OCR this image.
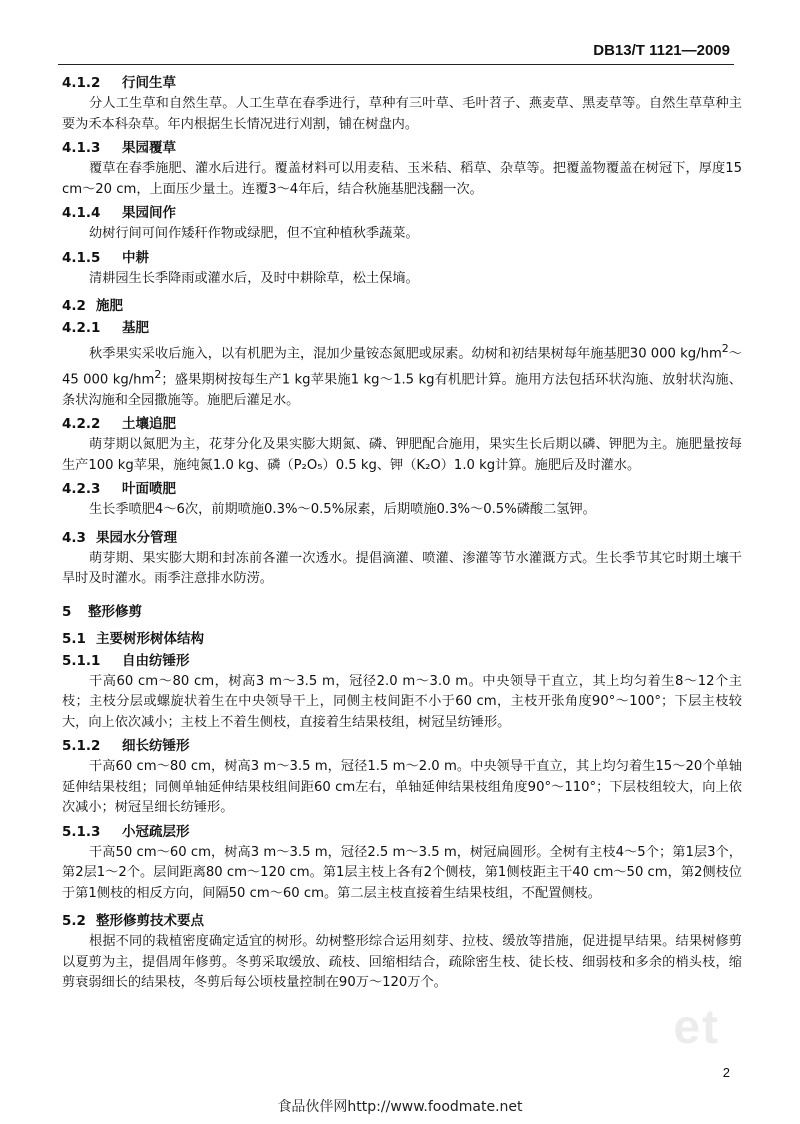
DB13/T 1121—2009
et
4.1.2 行间生草
分人工生草和自然生草。人工生草在春季进行，草种有三叶草、毛叶苕子、燕麦草、黑麦草等。自然生草草种主要为禾本科杂草。年内根据生长情况进行刈割，铺在树盘内。
4.1.3 果园覆草
覆草在春季施肥、灌水后进行。覆盖材料可以用麦秸、玉米秸、稻草、杂草等。把覆盖物覆盖在树冠下，厚度15 cm～20 cm，上面压少量土。连覆3～4年后，结合秋施基肥浅翻一次。
4.1.4 果园间作
幼树行间可间作矮秆作物或绿肥，但不宜种植秋季蔬菜。
4.1.5 中耕
清耕园生长季降雨或灌水后，及时中耕除草，松土保墒。
4.2 施肥
4.2.1 基肥
秋季果实采收后施入，以有机肥为主，混加少量铵态氮肥或尿素。幼树和初结果树每年施基肥30 000 $kg/hm^2\sim 45$ 000 $kg/hm^2$；盛果期树按每生产1 kg苹果施1 kg～1.5 kg有机肥计算。施用方法包括环状沟施、放射状沟施、条状沟施和全园撒施等。施肥后灌足水。
4.2.2 土壤追肥
萌芽期以氮肥为主，花芽分化及果实膨大期氮、磷、钾肥配合施用，果实生长后期以磷、钾肥为主。施肥量按每生产100 kg苹果，施纯氮1.0 kg、磷（P₂O₅）0.5 kg、钾（K₂O）1.0 kg计算。施肥后及时灌水。
4.2.3 叶面喷肥
生长季喷肥4～6次，前期喷施0.3%～0.5%尿素，后期喷施0.3%～0.5%磷酸二氢钾。
4.3 果园水分管理
萌芽期、果实膨大期和封冻前各灌一次透水。提倡滴灌、喷灌、渗灌等节水灌溉方式。生长季节其它时期土壤干旱时及时灌水。雨季注意排水防涝。
5 整形修剪
5.1 主要树形树体结构
5.1.1 自由纺锤形
干高60 cm～80 cm，树高3 m～3.5 m，冠径2.0 m～3.0 m。中央领导干直立，其上均匀着生8～12个主枝；主枝分层或螺旋状着生在中央领导干上，同侧主枝间距不小于60 cm，主枝开张角度90°～100°；下层主枝较大，向上依次减小；主枝上不着生侧枝，直接着生结果枝组，树冠呈纺锤形。
5.1.2 细长纺锤形
干高60 cm～80 cm，树高3 m～3.5 m，冠径1.5 m～2.0 m。中央领导干直立，其上均匀着生15～20个单轴延伸结果枝组；同侧单轴延伸结果枝组间距60 cm左右，单轴延伸结果枝组角度90°～110°；下层枝组较大，向上依次减小；树冠呈细长纺锤形。
5.1.3 小冠疏层形
干高50 cm～60 cm，树高3 m～3.5 m，冠径2.5 m～3.5 m，树冠扁圆形。全树有主枝4～5个；第1层3个，第2层1～2个。层间距离80 cm～120 cm。第1层主枝上各有2个侧枝，第1侧枝距主干40 cm～50 cm，第2侧枝位于第1侧枝的相反方向，间隔50 cm～60 cm。第二层主枝直接着生结果枝组，不配置侧枝。
5.2 整形修剪技术要点
根据不同的栽植密度确定适宜的树形。幼树整形综合运用刻芽、拉枝、缓放等措施，促进提早结果。结果树修剪以夏剪为主，提倡周年修剪。冬剪采取缓放、疏枝、回缩相结合，疏除密生枝、徒长枝、细弱枝和多余的梢头枝，缩剪衰弱细长的结果枝，冬剪后每公顷枝量控制在90万～120万个。
2
食品伙伴网http://www.foodmate.net
